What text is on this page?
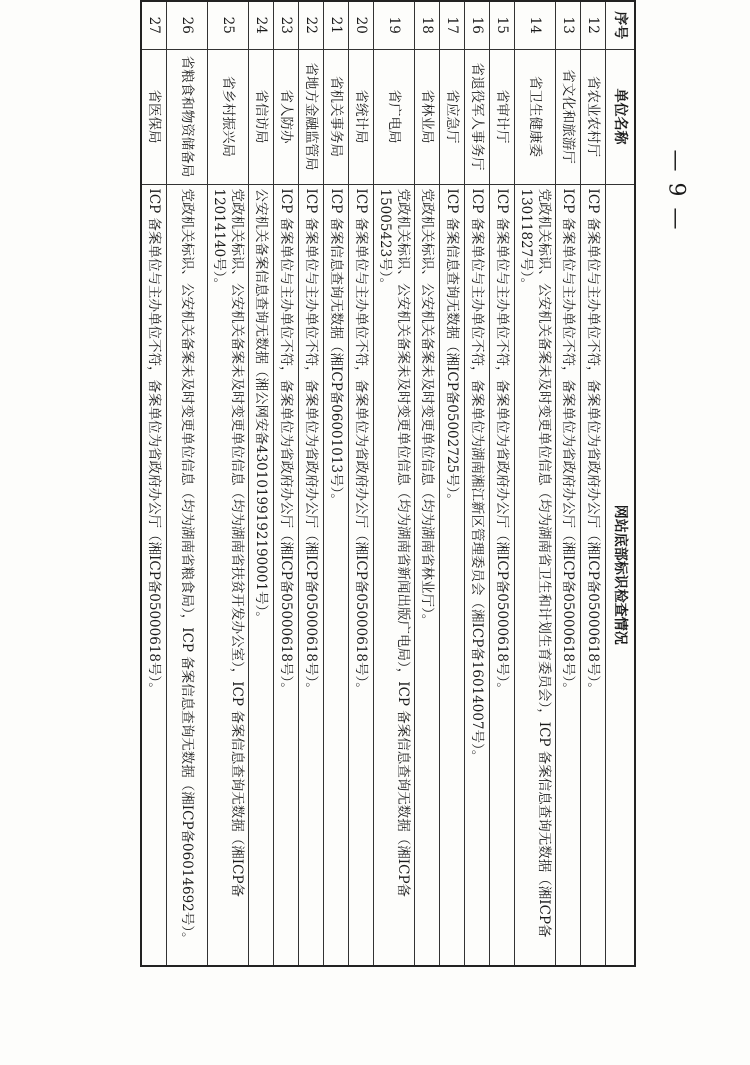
— 9 —
序号	单位名称	网站底部标识检查情况
12	省农业农村厅	ICP 备案单位与主办单位不符，备案单位为省政府办公厅（湘ICP备05000618号）。
13	省文化和旅游厅	ICP 备案单位与主办单位不符，备案单位为省政府办公厅（湘ICP备05000618号）。
14	省卫生健康委	党政机关标识、公安机关备案未及时变更单位信息（均为湖南省卫生和计划生育委员会），ICP 备案信息查询无数据（湘ICP备13011827号）。
15	省审计厅	ICP 备案单位与主办单位不符，备案单位为省政府办公厅（湘ICP备05000618号）。
16	省退役军人事务厅	ICP 备案单位与主办单位不符，备案单位为湖南湘江新区管理委员会（湘ICP备16014007号）。
17	省应急厅	ICP 备案信息查询无数据（湘ICP备05002725号）。
18	省林业局	党政机关标识、公安机关备案未及时变更单位信息（均为湖南省林业厅）。
19	省广电局	党政机关标识、公安机关备案未及时变更单位信息（均为湖南省新闻出版广电局），ICP 备案信息查询无数据（湘ICP备15005423号）。
20	省统计局	ICP 备案单位与主办单位不符，备案单位为省政府办公厅（湘ICP备05000618号）。
21	省机关事务局	ICP 备案信息查询无数据（湘ICP备06001013号）。
22	省地方金融监管局	ICP 备案单位与主办单位不符，备案单位为省政府办公厅（湘ICP备05000618号）。
23	省人防办	ICP 备案单位与主办单位不符，备案单位为省政府办公厅（湘ICP备05000618号）。
24	省信访局	公安机关备案信息查询无数据（湘公网安备43010199192190001号）。
25	省乡村振兴局	党政机关标识、公安机关备案未及时变更单位信息（均为湖南省扶贫开发办公室），ICP 备案信息查询无数据（湘ICP备12014140号）。
26	省粮食和物资储备局	党政机关标识、公安机关备案未及时变更单位信息（均为湖南省粮食局），ICP 备案信息查询无数据（湘ICP备06014692号）。
27	省医保局	ICP 备案单位与主办单位不符，备案单位为省政府办公厅（湘ICP备05000618号）。
